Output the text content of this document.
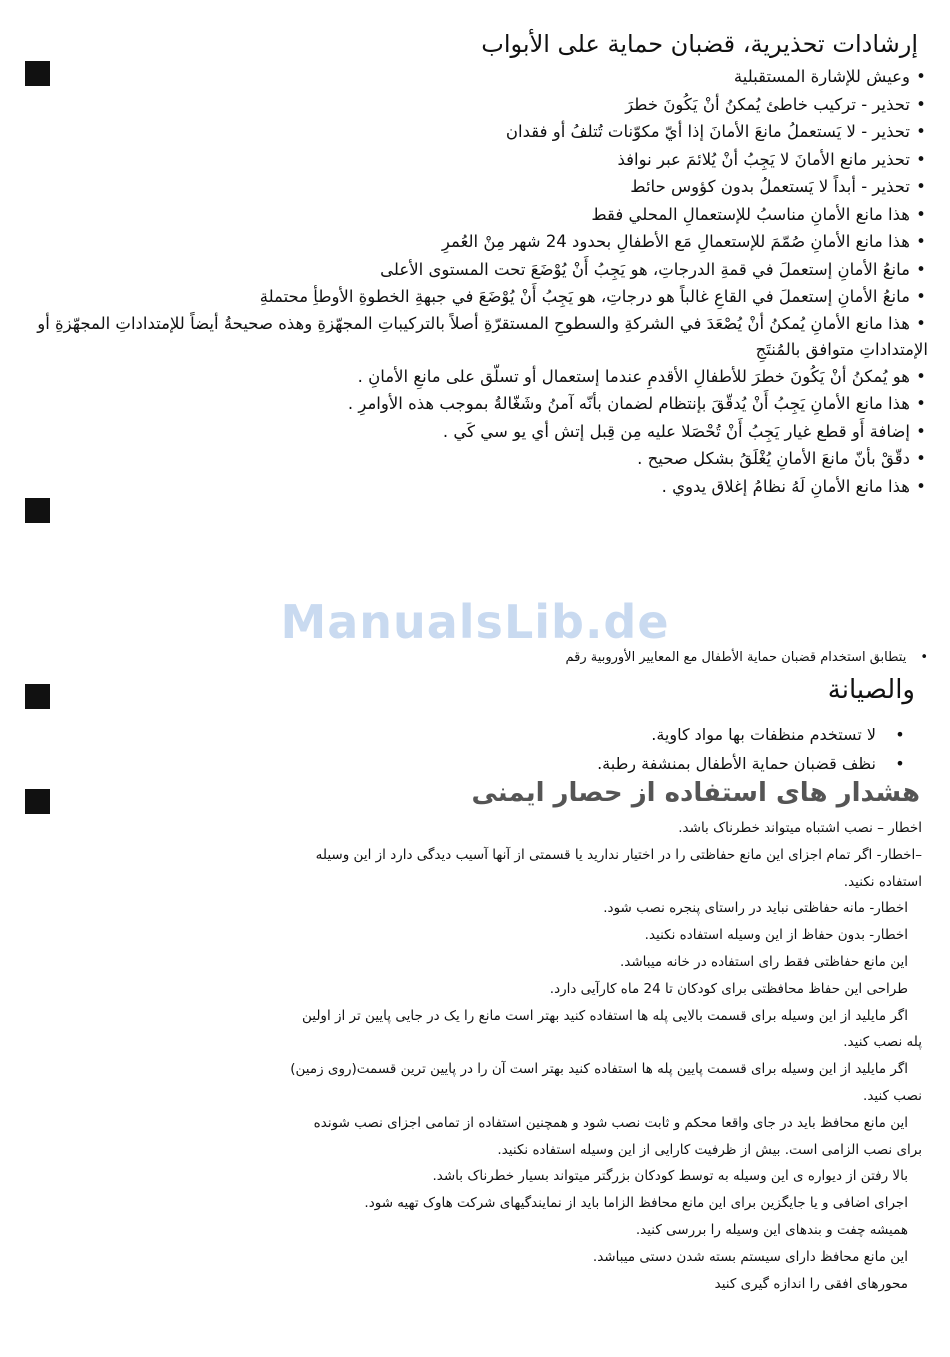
إرشادات تحذيرية، قضبان حماية على الأبواب
•وعيش للإشارة المستقبلية
•تحذير - تركيب خاطئ يُمكنُ أنْ يَكُونَ خطرَ
•تحذير - لا يَستعملُ مانعَ الأمانَ إذا أيّ مكوّنات تُتلفُ أو فقدان
•تحذير مانع الأمانَ لا يَجِبُ أنْ يُلائمَ عبر نوافذ
•تحذير - أبداً لا يَستعملُ بدون كؤوس حائط
•هذا مانع الأمانِ مناسبُ للإستعمالِ المحلي فقط
•هذا مانع الأمانِ صُمّمَ للإستعمالِ مَع الأطفالِ بحدود 24 شهر مِنْ العُمرِ
•مانعُ الأمانِ إستعملَ في قمةِ الدرجاتِ، هو يَجِبُ أَنْ يُوْضَعَ تحت المستوى الأعلى
•مانعُ الأمانِ إستعملَ في القاعِ غالباً هو درجاتِ، هو يَجِبُ أَنْ يُوْضَعَ في جبهةِ الخطوةِ الأوطأِ محتملةِ
•هذا مانع الأمانِ يُمكنُ أنْ يُصْعَدَ في الشركةِ والسطوحِ المستقرّةِ أصلاً بالتركيباتِ المجهّزةِ وهذه صحيحةُ أيضاً للإمتداداتِ المجهّزةِ أو الإمتداداتِ متوافق بالمُنتَجِ
•هو يُمكنُ أنْ يَكُونَ خطرَ للأطفالِ الأقدمِ عندما إستعمال أو تسلّق على مانعِ الأمانِ .
•هذا مانع الأمانِ يَجِبُ أَنْ يُدقّقَ بإنتظام لضمان بأنّه آمنُ وشَغّالةُ بموجب هذه الأوامرِ .
•إضافة أَو قطع غيار يَجِبُ أَنْ تُحْصَلا عليه مِن قِبل إتش أي يو سي كَي .
•دقّقْ بأنّ مانعَ الأمانِ يُغْلَقُ بشكل صحيح .
•هذا مانع الأمانِ لَهُ نظامُ إغلاق يدوي .
ManualsLib.de
•يتطابق استخدام قضبان حماية الأطفال مع المعايير الأوروبية رقم
والصيانة
•لا تستخدم منظفات بها مواد كاوية.
•نظف قضبان حماية الأطفال بمنشفة رطبة.
هشدار های استفاده از حصار ایمنی

اخطار – نصب اشتباه میتواند خطرناک باشد.

–اخطار- اگر تمام اجزای این مانع حفاظتی را در اختیار ندارید یا قسمتی از آنها آسیب دیدگی دارد از این وسیله

استفاده نکنید.

اخطار- مانه حفاظتی نباید در راستای پنجره نصب شود.

اخطار- بدون حفاظ از این وسیله استفاده نکنید.

این مانع حفاظتی فقط رای استفاده در خانه میباشد.

طراحی این حفاظ محافظتی برای کودکان تا 24 ماه کارآیی دارد.

اگر مایلید از این وسیله برای قسمت بالایی پله ها استفاده کنید بهتر است مانع را یک در جایی پایین تر از اولین

پله نصب کنید.

اگر مایلید از این وسیله برای قسمت پایین پله ها استفاده کنید بهتر است آن را در پایین ترین قسمت(روی زمین)

نصب کنید.

این مانع محافظ باید در جای واقعا محکم و ثابت نصب شود و همچنین استفاده از تمامی اجزای نصب شونده

برای نصب الزامی است. بیش از ظرفیت کارایی از این وسیله استفاده نکنید.

بالا رفتن از دیواره ی این وسیله به توسط کودکان بزرگتر میتواند بسیار خطرناک باشد.

اجرای اضافی و یا جایگزین برای این مانع محافظ الزاما باید از نمایندگیهای شرکت هاوک تهیه شود.

همیشه چفت و بندهای این وسیله را بررسی کنید.

این مانع محافظ دارای سیستم بسته شدن دستی میباشد.

محورهای افقی را اندازه گیری کنید
